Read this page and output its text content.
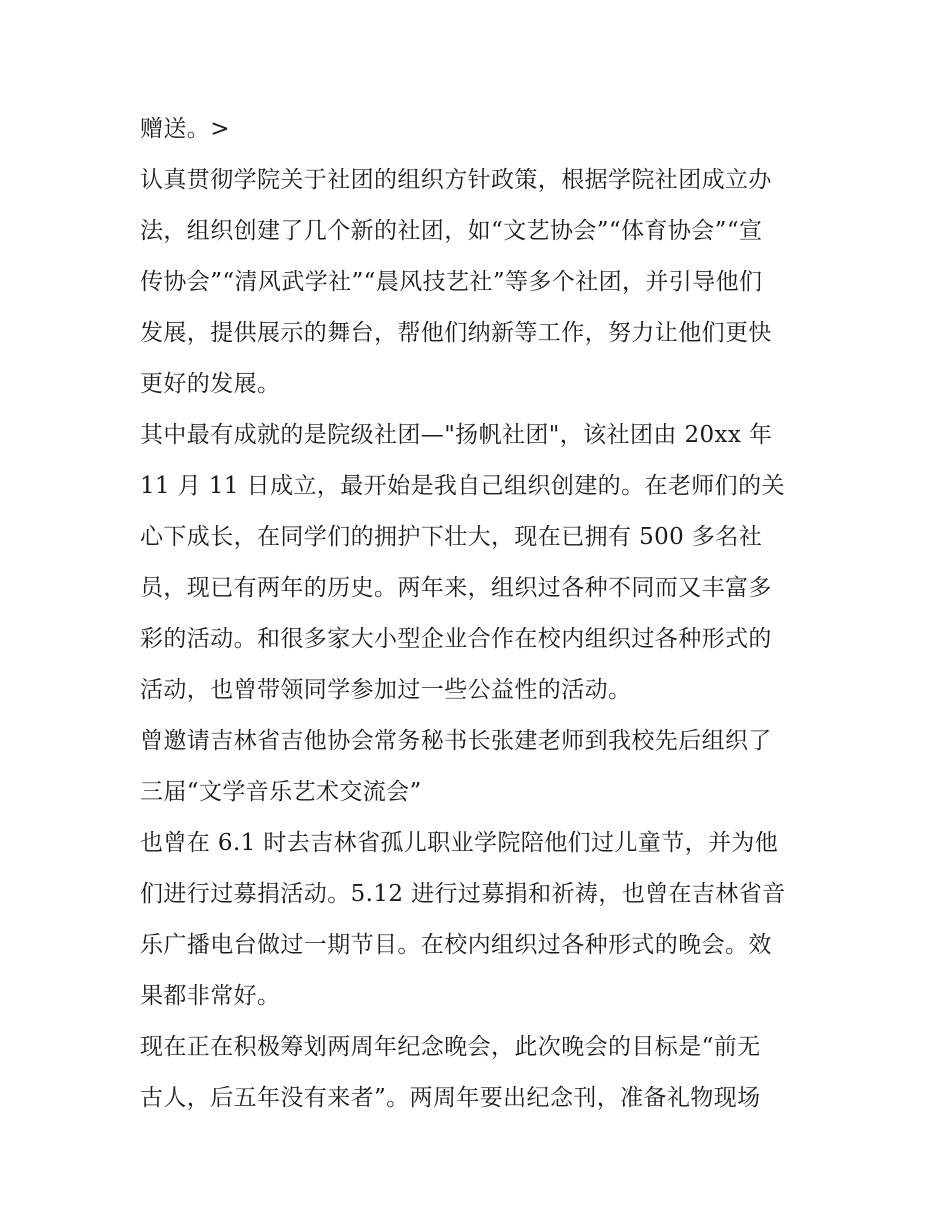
赠送。>

认真贯彻学院关于社团的组织方针政策，根据学院社团成立办

法，组织创建了几个新的社团，如“文艺协会”“体育协会”“宣

传协会”“清风武学社”“晨风技艺社”等多个社团，并引导他们

发展，提供展示的舞台，帮他们纳新等工作，努力让他们更快

更好的发展。

其中最有成就的是院级社团—"扬帆社团"，该社团由 20xx 年

11 月 11 日成立，最开始是我自己组织创建的。在老师们的关

心下成长，在同学们的拥护下壮大，现在已拥有 500 多名社

员，现已有两年的历史。两年来，组织过各种不同而又丰富多

彩的活动。和很多家大小型企业合作在校内组织过各种形式的

活动，也曾带领同学参加过一些公益性的活动。

曾邀请吉林省吉他协会常务秘书长张建老师到我校先后组织了

三届“文学音乐艺术交流会”

也曾在 6.1 时去吉林省孤儿职业学院陪他们过儿童节，并为他

们进行过募捐活动。5.12 进行过募捐和祈祷，也曾在吉林省音

乐广播电台做过一期节目。在校内组织过各种形式的晚会。效

果都非常好。

现在正在积极筹划两周年纪念晚会，此次晚会的目标是“前无

古人，后五年没有来者”。两周年要出纪念刊，准备礼物现场
